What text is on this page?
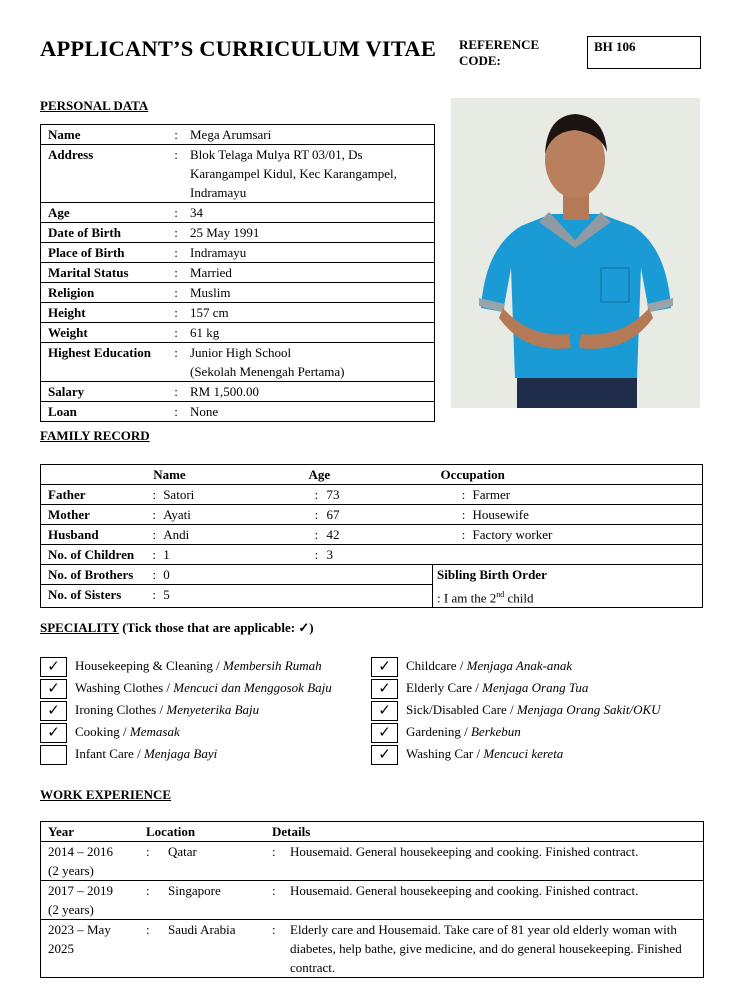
APPLICANT’S CURRICULUM VITAE REFERENCE CODE:
BH 106
PERSONAL DATA
Name	:	Mega Arumsari
Address	:	Blok Telaga Mulya RT 03/01, Ds Karangampel Kidul, Kec Karangampel, Indramayu
Age	:	34
Date of Birth	:	25 May 1991
Place of Birth	:	Indramayu
Marital Status	:	Married
Religion	:	Muslim
Height	:	157 cm
Weight	:	61 kg
Highest Education	:	Junior High School
(Sekolah Menengah Pertama)
Salary	:	RM 1,500.00
Loan	:	None
FAMILY RECORD
	Name	Age	Occupation
Father	: Satori	: 73	: Farmer
Mother	: Ayati	: 67	: Housewife
Husband	: Andi	: 42	: Factory worker
No. of Children	: 1	: 3	
No. of Brothers	: 0		Sibling Birth Order
No. of Sisters	: 5		: I am the 2nd child
SPECIALITY (Tick those that are applicable: ✓)
✓	Housekeeping & Cleaning / Membersih Rumah
✓	Washing Clothes / Mencuci dan Menggosok Baju
✓	Ironing Clothes / Menyeterika Baju
✓	Cooking / Memasak
Infant Care / Menjaga Bayi
✓	Childcare / Menjaga Anak-anak
✓	Elderly Care / Menjaga Orang Tua
✓	Sick/Disabled Care / Menjaga Orang Sakit/OKU
✓	Gardening / Berkebun
✓	Washing Car / Mencuci kereta
WORK EXPERIENCE
Year	Location	Details
2014 – 2016
(2 years)	: Qatar	: Housemaid. General housekeeping and cooking. Finished contract.

2017 – 2019
(2 years)	: Singapore	: Housemaid. General housekeeping and cooking. Finished contract.

2023 – May
2025	: Saudi Arabia	: Elderly care and Housemaid. Take care of 81 year old elderly woman with diabetes, help bathe, give medicine, and do general housekeeping. Finished contract.
